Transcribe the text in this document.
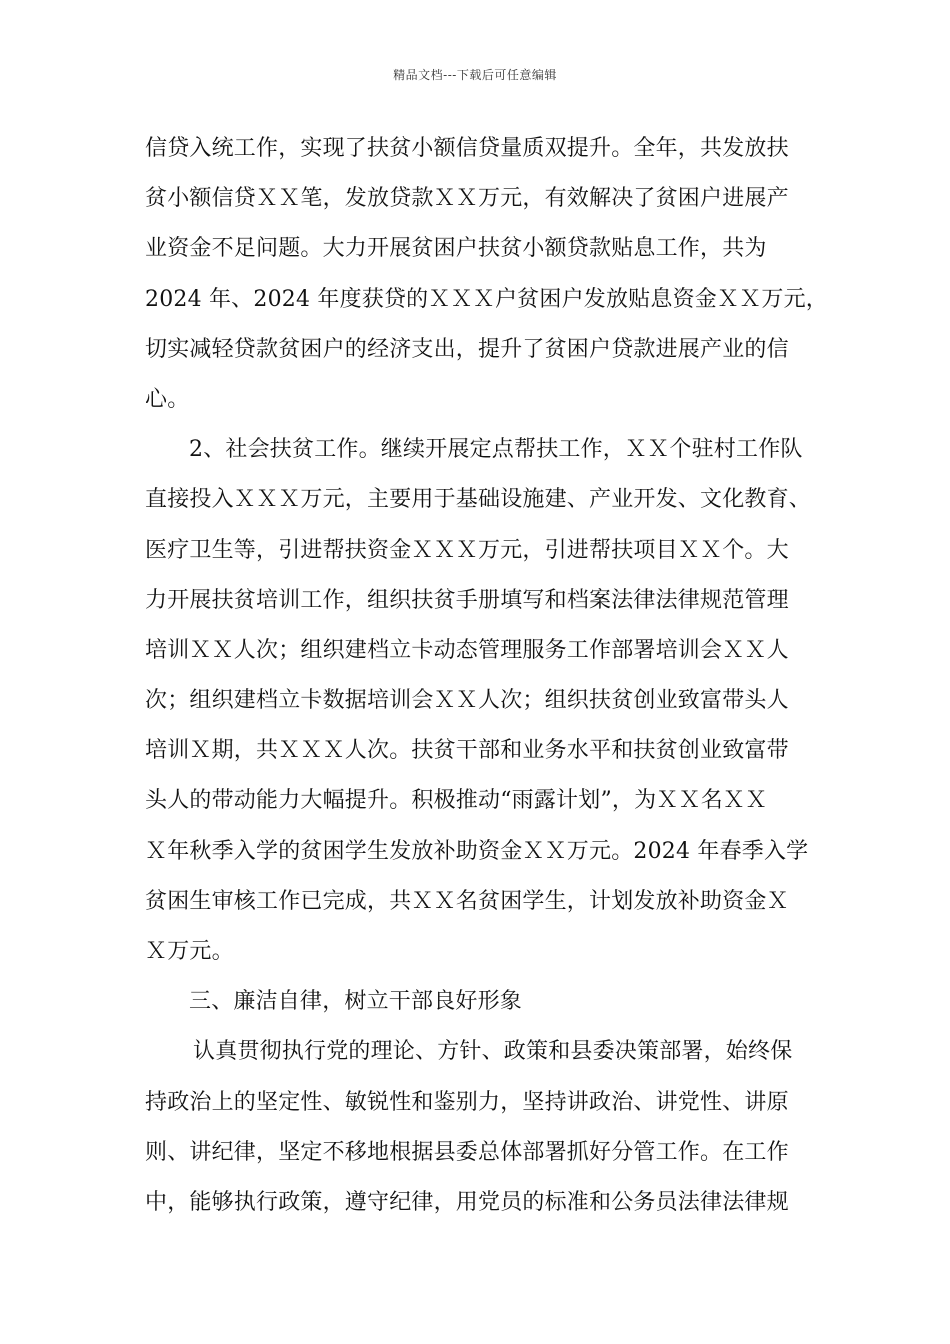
精品文档---下载后可任意编辑
信贷入统工作，实现了扶贫小额信贷量质双提升。全年，共发放扶
贫小额信贷ＸＸ笔，发放贷款ＸＸ万元，有效解决了贫困户进展产
业资金不足问题。大力开展贫困户扶贫小额贷款贴息工作，共为
2024 年、2024 年度获贷的ＸＸＸ户贫困户发放贴息资金ＸＸ万元，
切实减轻贷款贫困户的经济支出，提升了贫困户贷款进展产业的信
心。
2、社会扶贫工作。继续开展定点帮扶工作，ＸＸ个驻村工作队
直接投入ＸＸＸ万元，主要用于基础设施建、产业开发、文化教育、
医疗卫生等，引进帮扶资金ＸＸＸ万元，引进帮扶项目ＸＸ个。大
力开展扶贫培训工作，组织扶贫手册填写和档案法律法律规范管理
培训ＸＸ人次；组织建档立卡动态管理服务工作部署培训会ＸＸ人
次；组织建档立卡数据培训会ＸＸ人次；组织扶贫创业致富带头人
培训Ｘ期，共ＸＸＸ人次。扶贫干部和业务水平和扶贫创业致富带
头人的带动能力大幅提升。积极推动“雨露计划”，为ＸＸ名ＸＸ
Ｘ年秋季入学的贫困学生发放补助资金ＸＸ万元。2024 年春季入学
贫困生审核工作已完成，共ＸＸ名贫困学生，计划发放补助资金Ｘ
Ｘ万元。
三、廉洁自律，树立干部良好形象
认真贯彻执行党的理论、方针、政策和县委决策部署，始终保
持政治上的坚定性、敏锐性和鉴别力，坚持讲政治、讲党性、讲原
则、讲纪律，坚定不移地根据县委总体部署抓好分管工作。在工作
中，能够执行政策，遵守纪律，用党员的标准和公务员法律法律规
